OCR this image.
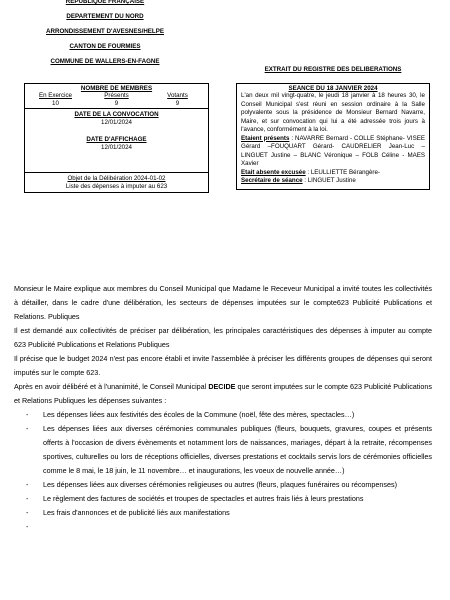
REPUBLIQUE FRANÇAISE
DEPARTEMENT DU NORD
ARRONDISSEMENT D'AVESNES/HELPE
CANTON DE FOURMIES
COMMUNE DE WALLERS-EN-FAGNE
EXTRAIT DU REGISTRE DES DELIBERATIONS
NOMBRE DE MEMBRES
En Exercice
10
Présents
9
Votants
9
DATE DE LA CONVOCATION
12/01/2024
DATE D'AFFICHAGE
12/01/2024
Objet de la Délibération 2024-01-02
Liste des dépenses à imputer au 623
SEANCE DU 18 JANVIER 2024
L'an deux mil vingt-quatre, le jeudi 18 janvier à 18 heures 30, le Conseil Municipal s'est réuni en session ordinaire à la Salle polyvalente sous la présidence de Monsieur Bernard Navarre, Maire, et sur convocation qui lui a été adressée trois jours à l'avance, conformément à la loi.
Etaient présents : NAVARRE Bernard - COLLE Stéphane- VISEE Gérard –FOUQUART Gérard- CAUDRELIER Jean-Luc – LINGUET Justine – BLANC Véronique – FOLB Céline - MAES Xavier
Etait absente excusée : LEULLIETTE Bérangère-
Secrétaire de séance : LINGUET Justine

Monsieur le Maire explique aux membres du Conseil Municipal que Madame le Receveur Municipal a invité toutes les collectivités à détailler, dans le cadre d'une délibération, les secteurs de dépenses imputées sur le compte623 Publicité Publications et Relations. Publiques

Il est demandé aux collectivités de préciser par délibération, les principales caractéristiques des dépenses à imputer au compte 623 Publicité Publications et Relations Publiques

Il précise que le budget 2024 n'est pas encore établi et invite l'assemblée à préciser les différents groupes de dépenses qui seront imputés sur le compte 623.

Après en avoir délibéré et à l'unanimité, le Conseil Municipal DECIDE que seront imputées sur le compte 623 Publicité Publications et Relations Publiques les dépenses suivantes :

- Les dépenses liées aux festivités des écoles de la Commune (noël, fête des mères, spectacles…)
- Les dépenses liées aux diverses cérémonies communales publiques (fleurs, bouquets, gravures, coupes et présents offerts à l'occasion de divers évènements et notamment lors de naissances, mariages, départ à la retraite, récompenses sportives, culturelles ou lors de réceptions officielles, diverses prestations et cocktails servis lors de cérémonies officielles comme le 8 mai, le 18 juin, le 11 novembre… et inaugurations, les voeux de nouvelle année…)
- Les dépenses liées aux diverses cérémonies religieuses ou autres (fleurs, plaques funéraires ou récompenses)
- Le règlement des factures de sociétés et troupes de spectacles et autres frais liés à leurs prestations
- Les frais d'annonces et de publicité liés aux manifestations
-
